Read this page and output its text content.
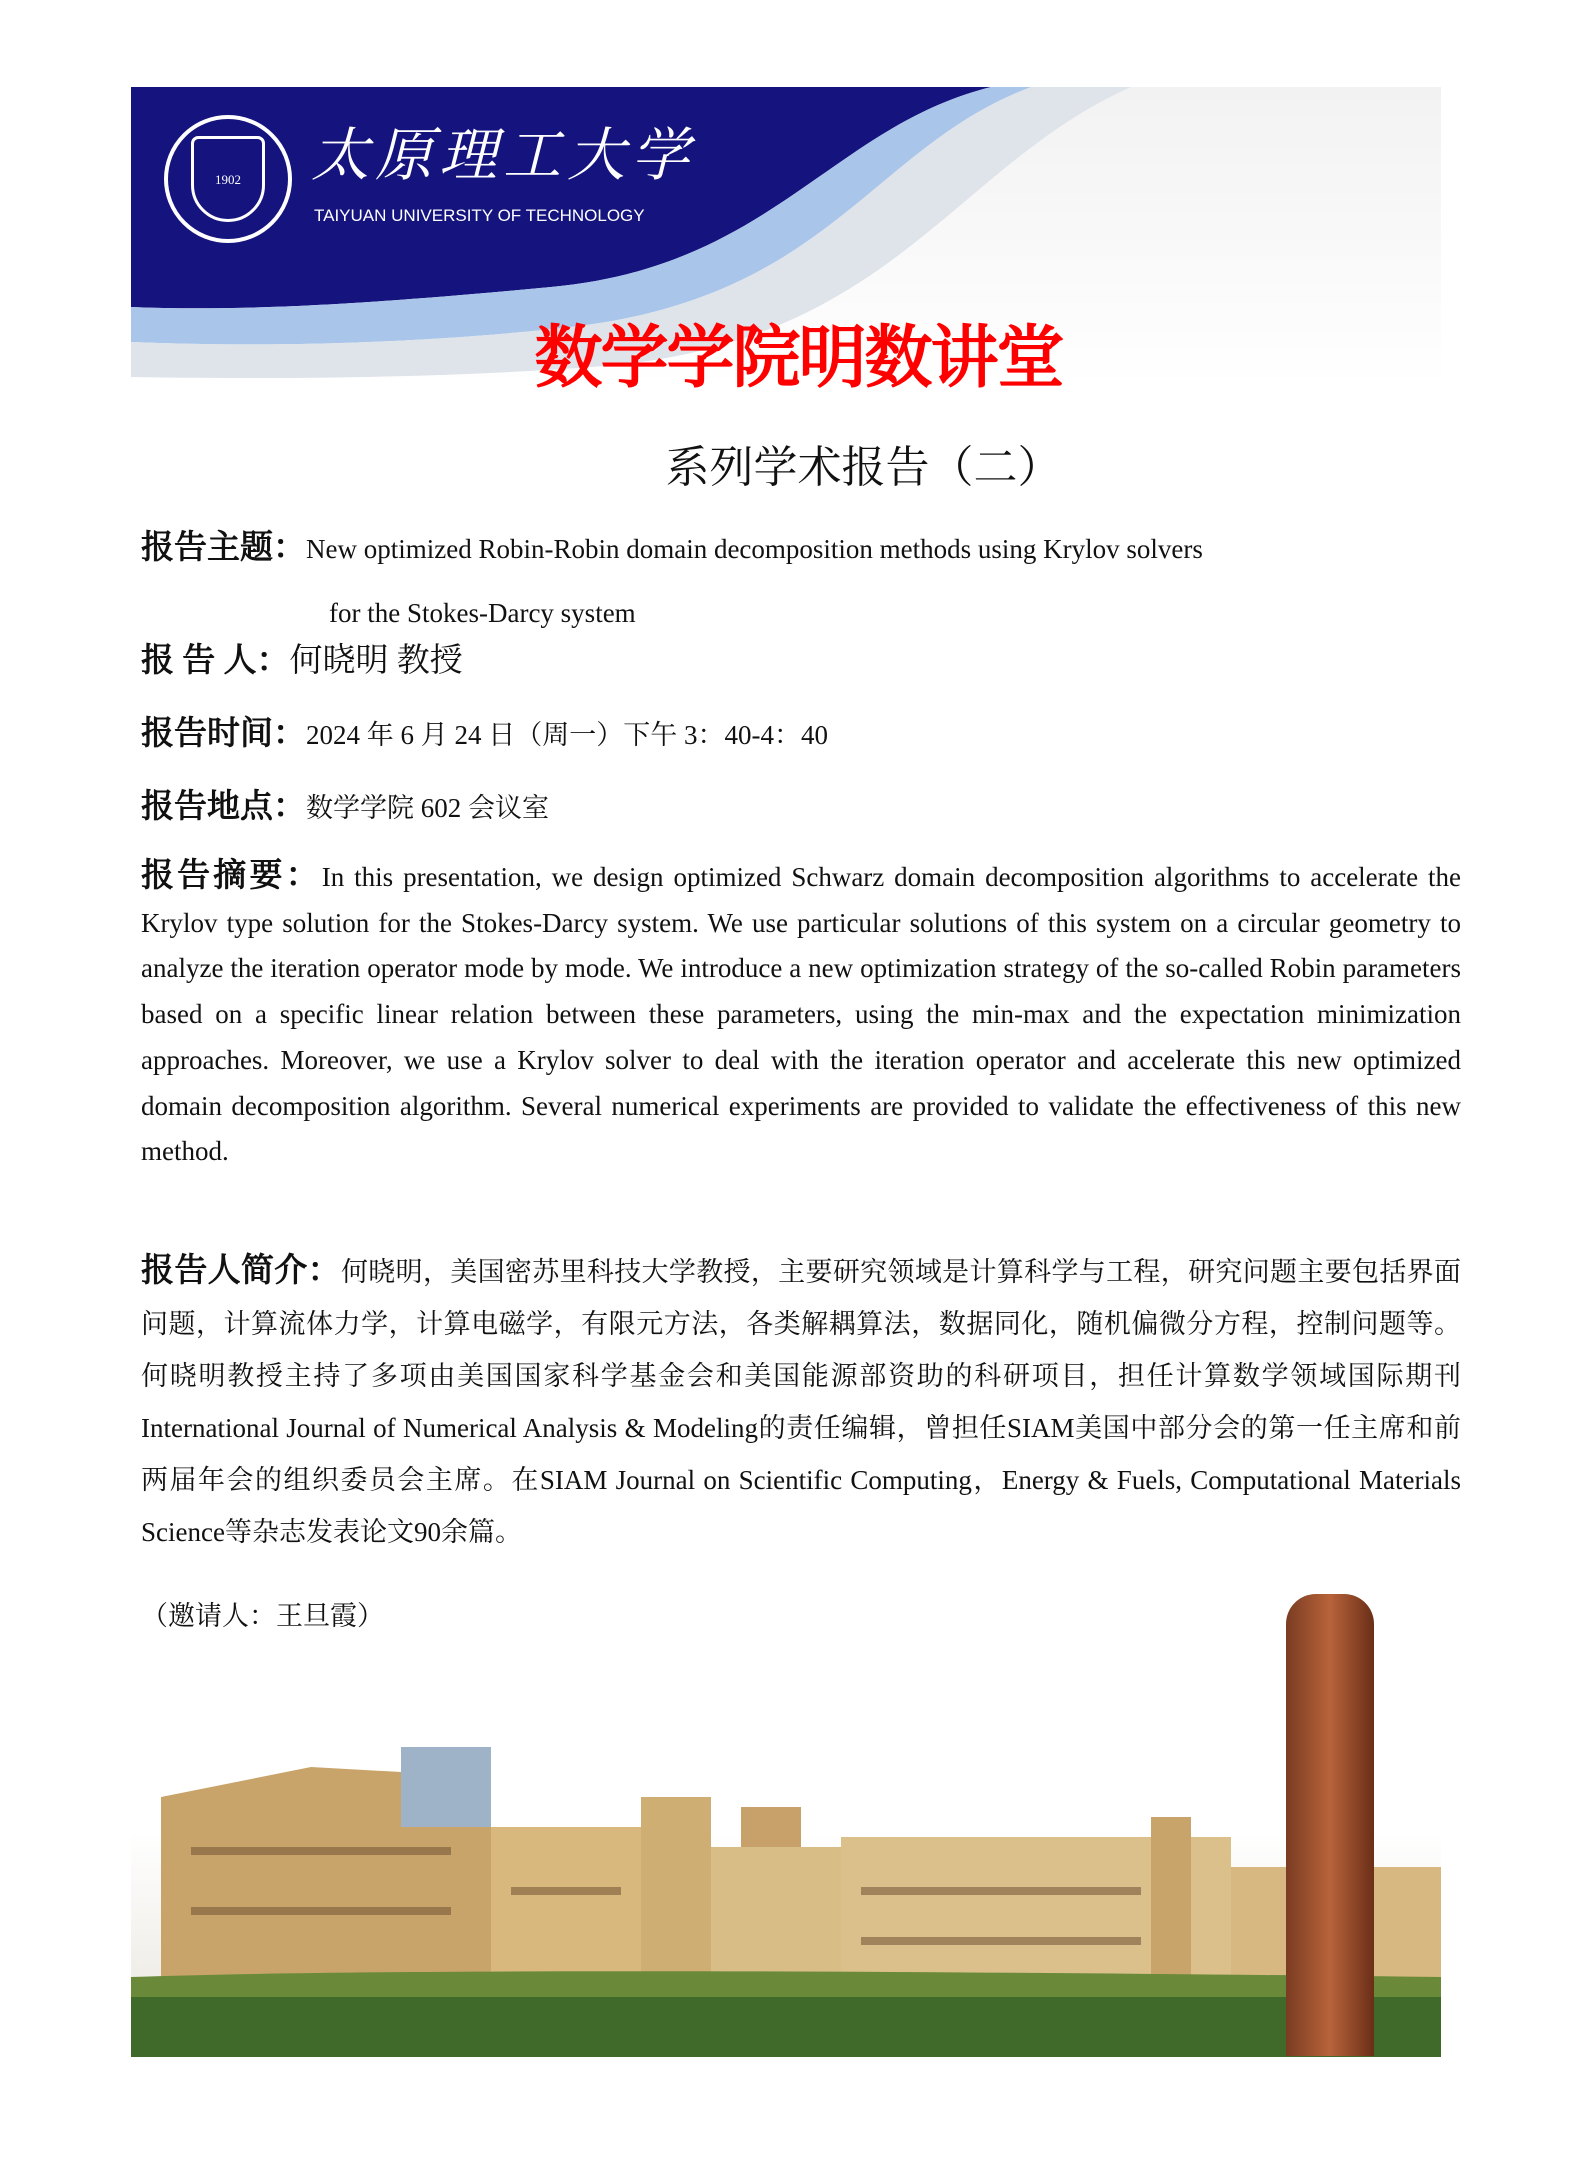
1902	太原理工大学
TAIYUAN UNIVERSITY OF TECHNOLOGY
数学学院明数讲堂
系列学术报告（二）
报告主题：New optimized Robin-Robin domain decomposition methods using Krylov solvers
for the Stokes-Darcy system
报 告 人：何晓明 教授
报告时间：2024 年 6 月 24 日（周一）下午 3：40-4：40
报告地点：数学学院 602 会议室
报告摘要：In this presentation, we design optimized Schwarz domain decomposition algorithms to accelerate the Krylov type solution for the Stokes-Darcy system. We use particular solutions of this system on a circular geometry to analyze the iteration operator mode by mode. We introduce a new optimization strategy of the so-called Robin parameters based on a specific linear relation between these parameters, using the min-max and the expectation minimization approaches. Moreover, we use a Krylov solver to deal with the iteration operator and accelerate this new optimized domain decomposition algorithm. Several numerical experiments are provided to validate the effectiveness of this new method.
报告人简介：何晓明，美国密苏里科技大学教授，主要研究领域是计算科学与工程，研究问题主要包括界面问题，计算流体力学，计算电磁学，有限元方法，各类解耦算法，数据同化，随机偏微分方程，控制问题等。何晓明教授主持了多项由美国国家科学基金会和美国能源部资助的科研项目，担任计算数学领域国际期刊International Journal of Numerical Analysis & Modeling的责任编辑，曾担任SIAM美国中部分会的第一任主席和前两届年会的组织委员会主席。在SIAM Journal on Scientific Computing，Energy & Fuels, Computational Materials Science等杂志发表论文90余篇。
（邀请人：王旦霞）
